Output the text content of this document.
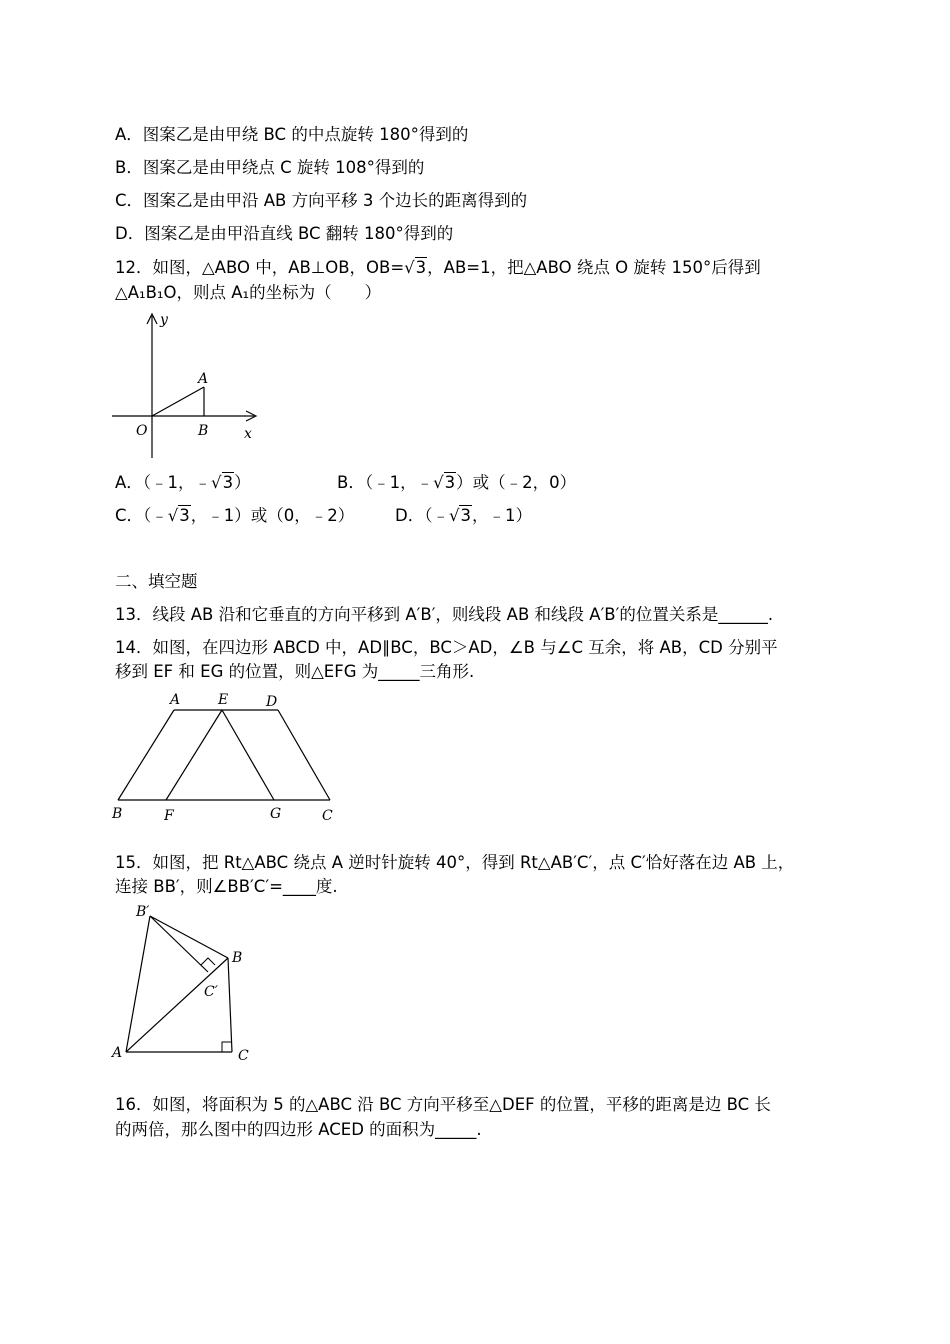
A．图案乙是由甲绕 BC 的中点旋转 180°得到的
B．图案乙是由甲绕点 C 旋转 108°得到的
C．图案乙是由甲沿 AB 方向平移 3 个边长的距离得到的
D．图案乙是由甲沿直线 BC 翻转 180°得到的
12．如图，△ABO 中，AB⊥OB，OB=√3，AB=1，把△ABO 绕点 O 旋转 150°后得到
△A₁B₁O，则点 A₁的坐标为（　　）
y
x
O
A
B
A．（﹣1，﹣√3）	B．（﹣1，﹣√3）或（﹣2，0）
C．（﹣√3，﹣1）或（0，﹣2） D．（﹣√3，﹣1）
二、填空题
13．线段 AB 沿和它垂直的方向平移到 A′B′，则线段 AB 和线段 A′B′的位置关系是______.
14．如图，在四边形 ABCD 中，AD∥BC，BC＞AD，∠B 与∠C 互余，将 AB，CD 分别平
移到 EF 和 EG 的位置，则△EFG 为_____三角形.
A	E	D
B	F	G	C
15．如图，把 Rt△ABC 绕点 A 逆时针旋转 40°，得到 Rt△AB′C′，点 C′恰好落在边 AB 上，
连接 BB′，则∠BB′C′=____度.
B′
B
C′
A	C
16．如图，将面积为 5 的△ABC 沿 BC 方向平移至△DEF 的位置，平移的距离是边 BC 长
的两倍，那么图中的四边形 ACED 的面积为_____.
